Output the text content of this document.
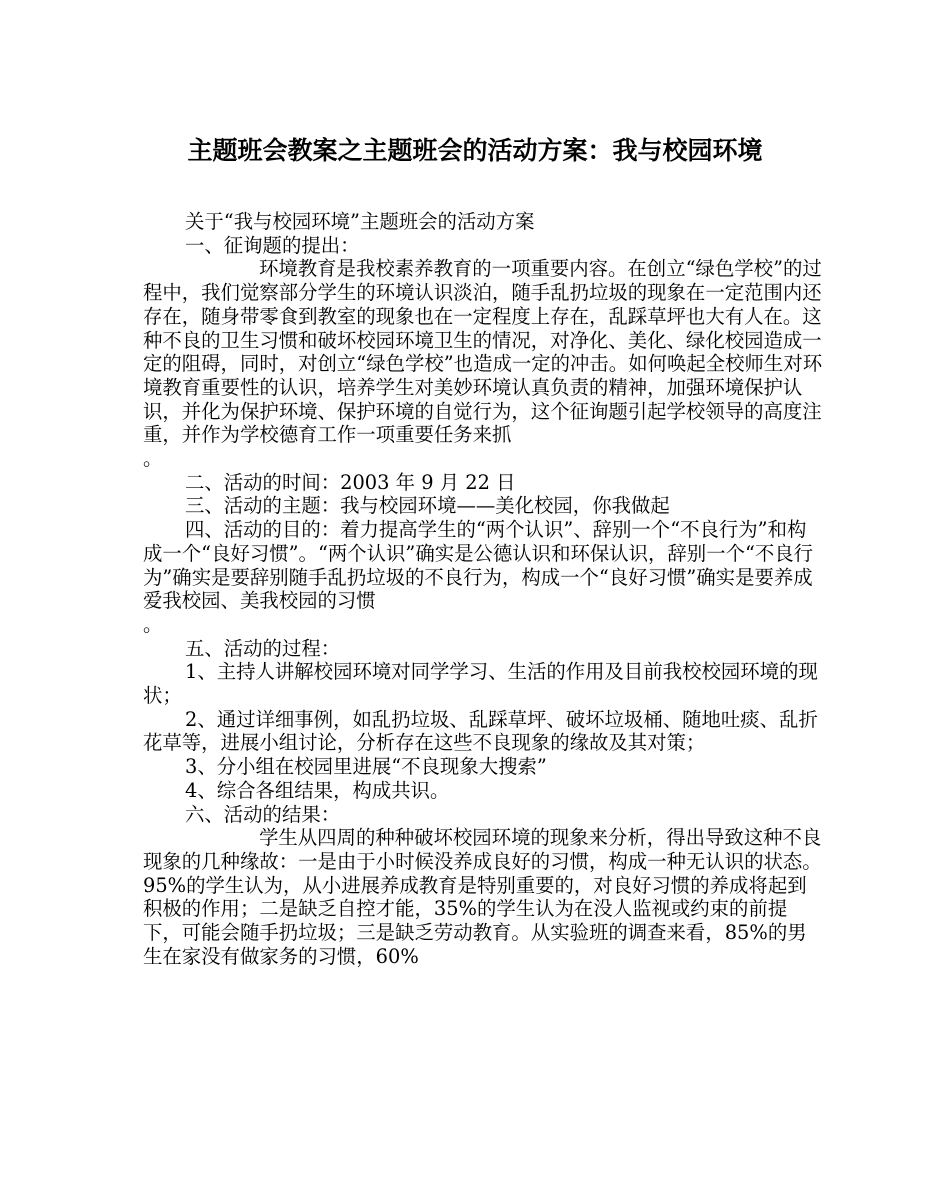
主题班会教案之主题班会的活动方案：我与校园环境

关于“我与校园环境”主题班会的活动方案

一、征询题的提出：

环境教育是我校素养教育的一项重要内容。在创立“绿色学校”的过程中，我们觉察部分学生的环境认识淡泊，随手乱扔垃圾的现象在一定范围内还存在，随身带零食到教室的现象也在一定程度上存在，乱踩草坪也大有人在。这种不良的卫生习惯和破坏校园环境卫生的情况，对净化、美化、绿化校园造成一定的阻碍，同时，对创立“绿色学校”也造成一定的冲击。如何唤起全校师生对环境教育重要性的认识，培养学生对美妙环境认真负责的精神，加强环境保护认识，并化为保护环境、保护环境的自觉行为，这个征询题引起学校领导的高度注重，并作为学校德育工作一项重要任务来抓

。

二、活动的时间：2003 年 9 月 22 日

三、活动的主题：我与校园环境——美化校园，你我做起

四、活动的目的：着力提高学生的“两个认识”、辞别一个“不良行为”和构成一个“良好习惯”。“两个认识”确实是公德认识和环保认识，辞别一个“不良行为”确实是要辞别随手乱扔垃圾的不良行为，构成一个“良好习惯”确实是要养成爱我校园、美我校园的习惯

。

五、活动的过程：

1、主持人讲解校园环境对同学学习、生活的作用及目前我校校园环境的现状；

2、通过详细事例，如乱扔垃圾、乱踩草坪、破坏垃圾桶、随地吐痰、乱折花草等，进展小组讨论，分析存在这些不良现象的缘故及其对策；

3、分小组在校园里进展“不良现象大搜索”

4、综合各组结果，构成共识。

六、活动的结果：

学生从四周的种种破坏校园环境的现象来分析，得出导致这种不良现象的几种缘故：一是由于小时候没养成良好的习惯，构成一种无认识的状态。95%的学生认为，从小进展养成教育是特别重要的，对良好习惯的养成将起到积极的作用；二是缺乏自控才能，35%的学生认为在没人监视或约束的前提下，可能会随手扔垃圾；三是缺乏劳动教育。从实验班的调查来看，85%的男生在家没有做家务的习惯，60%
